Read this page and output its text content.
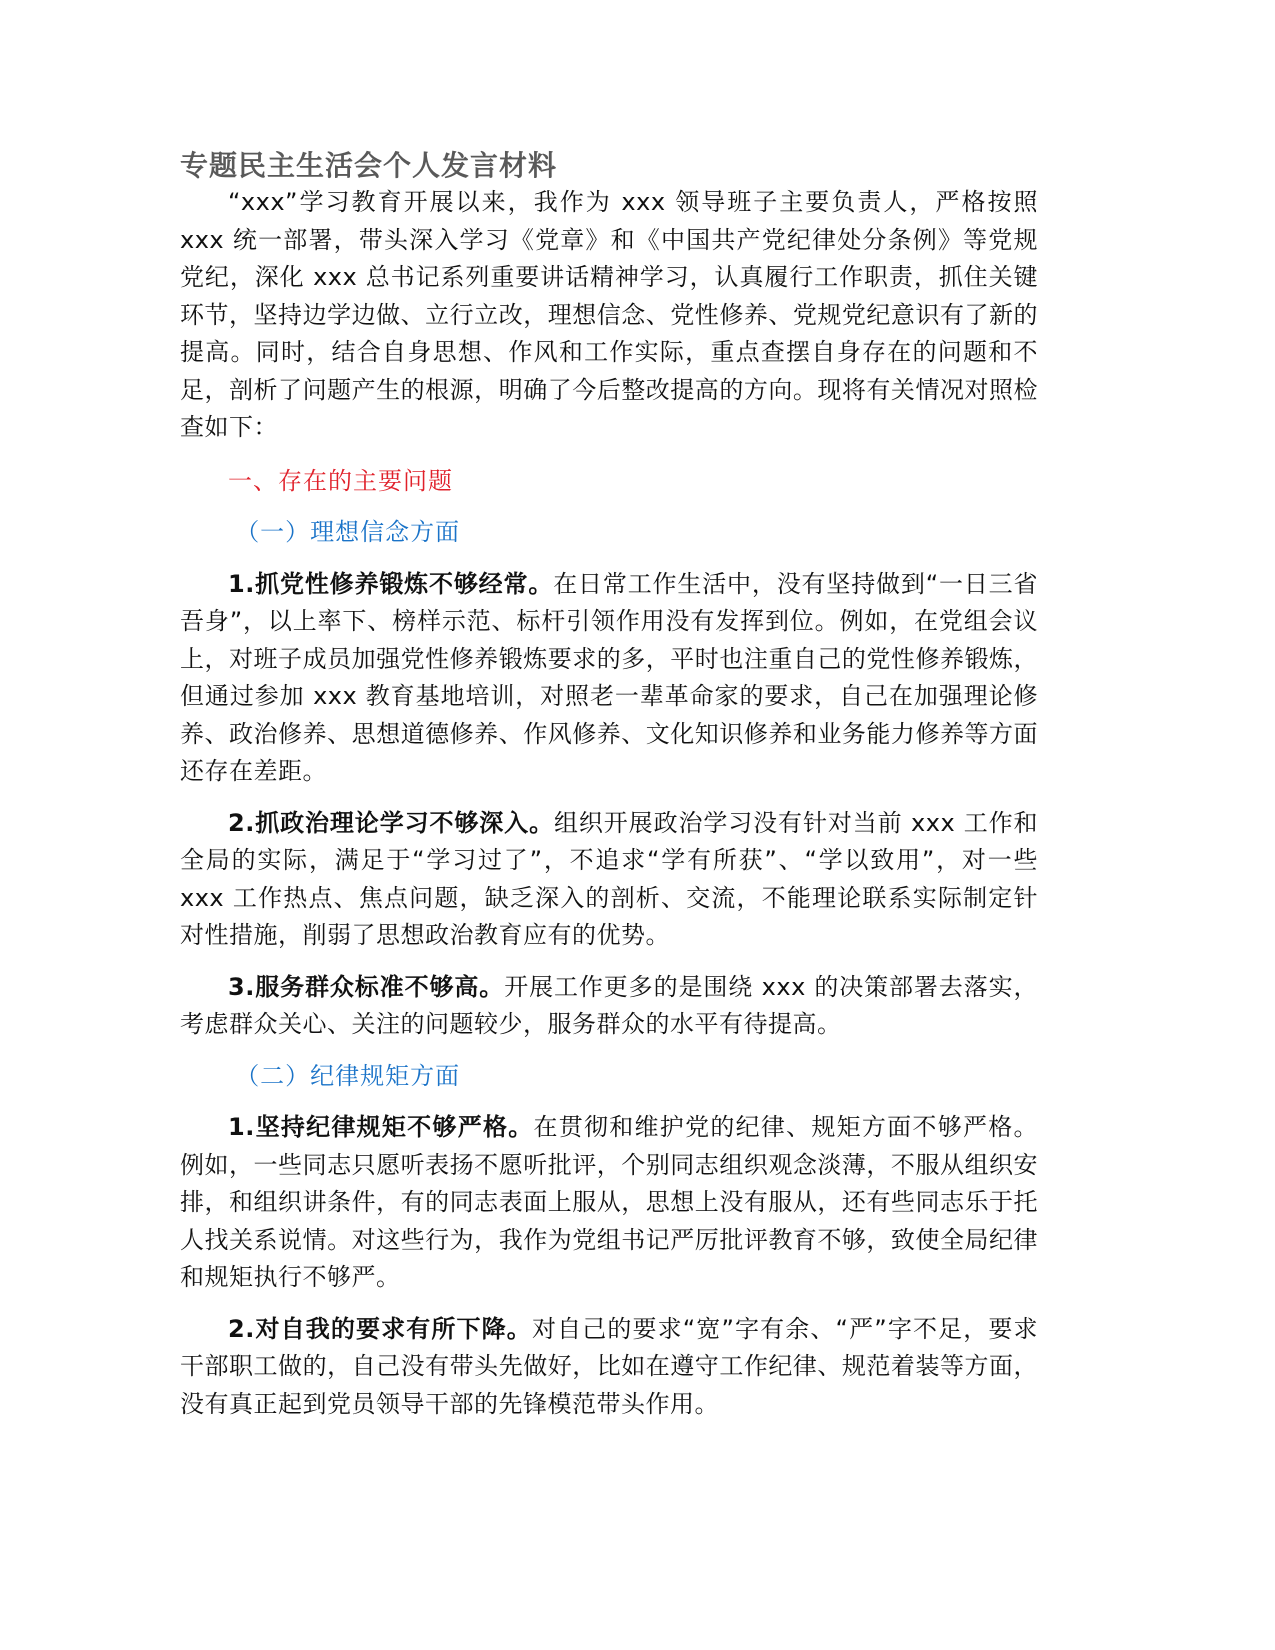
专题民主生活会个人发言材料

“xxx”学习教育开展以来，我作为 xxx 领导班子主要负责人，严格按照 xxx 统一部署，带头深入学习《党章》和《中国共产党纪律处分条例》等党规党纪，深化 xxx 总书记系列重要讲话精神学习，认真履行工作职责，抓住关键环节，坚持边学边做、立行立改，理想信念、党性修养、党规党纪意识有了新的提高。同时，结合自身思想、作风和工作实际，重点查摆自身存在的问题和不足，剖析了问题产生的根源，明确了今后整改提高的方向。现将有关情况对照检查如下：

一、存在的主要问题

（一）理想信念方面

1.抓党性修养锻炼不够经常。在日常工作生活中，没有坚持做到“一日三省吾身”，以上率下、榜样示范、标杆引领作用没有发挥到位。例如，在党组会议上，对班子成员加强党性修养锻炼要求的多，平时也注重自己的党性修养锻炼，但通过参加 xxx 教育基地培训，对照老一辈革命家的要求，自己在加强理论修养、政治修养、思想道德修养、作风修养、文化知识修养和业务能力修养等方面还存在差距。

2.抓政治理论学习不够深入。组织开展政治学习没有针对当前 xxx 工作和全局的实际，满足于“学习过了”，不追求“学有所获”、“学以致用”，对一些 xxx 工作热点、焦点问题，缺乏深入的剖析、交流，不能理论联系实际制定针对性措施，削弱了思想政治教育应有的优势。

3.服务群众标准不够高。开展工作更多的是围绕 xxx 的决策部署去落实，考虑群众关心、关注的问题较少，服务群众的水平有待提高。

（二）纪律规矩方面

1.坚持纪律规矩不够严格。在贯彻和维护党的纪律、规矩方面不够严格。例如，一些同志只愿听表扬不愿听批评，个别同志组织观念淡薄，不服从组织安排，和组织讲条件，有的同志表面上服从，思想上没有服从，还有些同志乐于托人找关系说情。对这些行为，我作为党组书记严厉批评教育不够，致使全局纪律和规矩执行不够严。

2.对自我的要求有所下降。对自己的要求“宽”字有余、“严”字不足，要求干部职工做的，自己没有带头先做好，比如在遵守工作纪律、规范着装等方面，没有真正起到党员领导干部的先锋模范带头作用。
